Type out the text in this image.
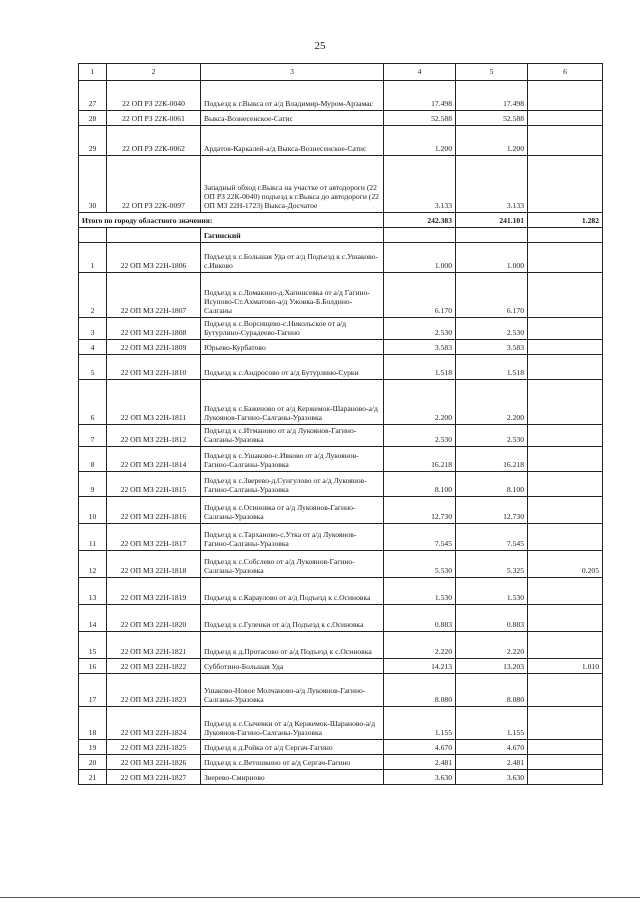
25
1	2	3	4	5	6
27	22 ОП РЗ 22К-0040	Подъезд к г.Выкса от а/д Владимир-Муром-Арзамас	17.498	17.498	
28	22 ОП РЗ 22К-0061	Выкса-Вознесенское-Сатис	52.588	52.588	
29	22 ОП РЗ 22К-0062	Ардатов-Каркалей-а/д Выкса-Вознесенское-Сатис	1.200	1.200	
30	22 ОП РЗ 22К-0097	Западный обход г.Выкса на участке от автодороги (22 ОП РЗ 22К-0040) подъезд к г.Выкса до автодороги (22 ОП МЗ 22Н-1723) Выкса-Досчатое	3.133	3.133	
Итого по городу областного значения:			242.383	241.101	1.282
		Гагинский			
1	22 ОП МЗ 22Н-1806	Подъезд к с.Большая Уда от а/д Подъезд к с.Ушаково-с.Ивково	1.000	1.000	
2	22 ОП МЗ 22Н-1807	Подъезд к с.Ломакино-д.Хапинсевка от а/д Гагино-Исупово-Ст.Ахматово-а/д Ужовка-Б.Болдино-Салганы	6.170	6.170	
3	22 ОП МЗ 22Н-1808	Подъезд к с.Ворсищево-с.Никольское от а/д Бутурлино-Сурадеево-Гагино	2.530	2.530	
4	22 ОП МЗ 22Н-1809	Юрьево-Курбатово	3.583	3.583	
5	22 ОП МЗ 22Н-1810	Подъезд к с.Андросово от а/д Бутурлино-Сурки	1.518	1.518	
6	22 ОП МЗ 22Н-1811	Подъезд к с.Баженово от а/д Кержемок-Шараново-а/д Лукоянов-Гагино-Салганы-Уразовка	2.200	2.200	
7	22 ОП МЗ 22Н-1812	Подъезд к с.Итманово от а/д Лукоянов-Гагино-Салганы-Уразовка	2.530	2.530	
8	22 ОП МЗ 22Н-1814	Подъезд к с.Ушаково-с.Ивково от а/д Лукоянов-Гагино-Салганы-Уразовка	16.218	16.218	
9	22 ОП МЗ 22Н-1815	Подъезд к с.Зверево-д.Сунгулово от а/д Лукоянов-Гагино-Салганы-Уразовка	8.100	8.100	
10	22 ОП МЗ 22Н-1816	Подъезд к с.Осиновка от а/д Лукоянов-Гагино-Салганы-Уразовка	12.730	12.730	
11	22 ОП МЗ 22Н-1817	Подъезд к с.Тарханово-с.Утка от а/д Лукоянов-Гагино-Салганы-Уразовка	7.545	7.545	
12	22 ОП МЗ 22Н-1818	Подъезд к с.Собслево от а/д Лукоянов-Гагино-Салганы-Уразовка	5.530	5.325	0.205
13	22 ОП МЗ 22Н-1819	Подъезд к с.Караулово от а/д Подъезд к с.Осиновка	1.530	1.530	
14	22 ОП МЗ 22Н-1820	Подъезд к с.Гуленки от а/д Подъезд к с.Осиновка	0.883	0.883	
15	22 ОП МЗ 22Н-1821	Подъезд к д.Протасово от а/д Подъезд к с.Осиновка	2.220	2.220	
16	22 ОП МЗ 22Н-1822	Субботино-Большая Уда	14.213	13.203	1.010
17	22 ОП МЗ 22Н-1823	Ушаково-Новое Молчаново-а/д Лукоянов-Гагино-Салганы-Уразовка	8.080	8.080	
18	22 ОП МЗ 22Н-1824	Подъезд к с.Сычевки от а/д Кержемок-Шараново-а/д Лукоянов-Гагино-Салганы-Уразовка	1.155	1.155	
19	22 ОП МЗ 22Н-1825	Подъезд к д.Ройка от а/д Сергач-Гагино	4.670	4.670	
20	22 ОП МЗ 22Н-1826	Подъезд к с.Ветошкино от а/д Сергач-Гагино	2.481	2.481	
21	22 ОП МЗ 22Н-1827	Зверево-Смирново	3.630	3.630	
